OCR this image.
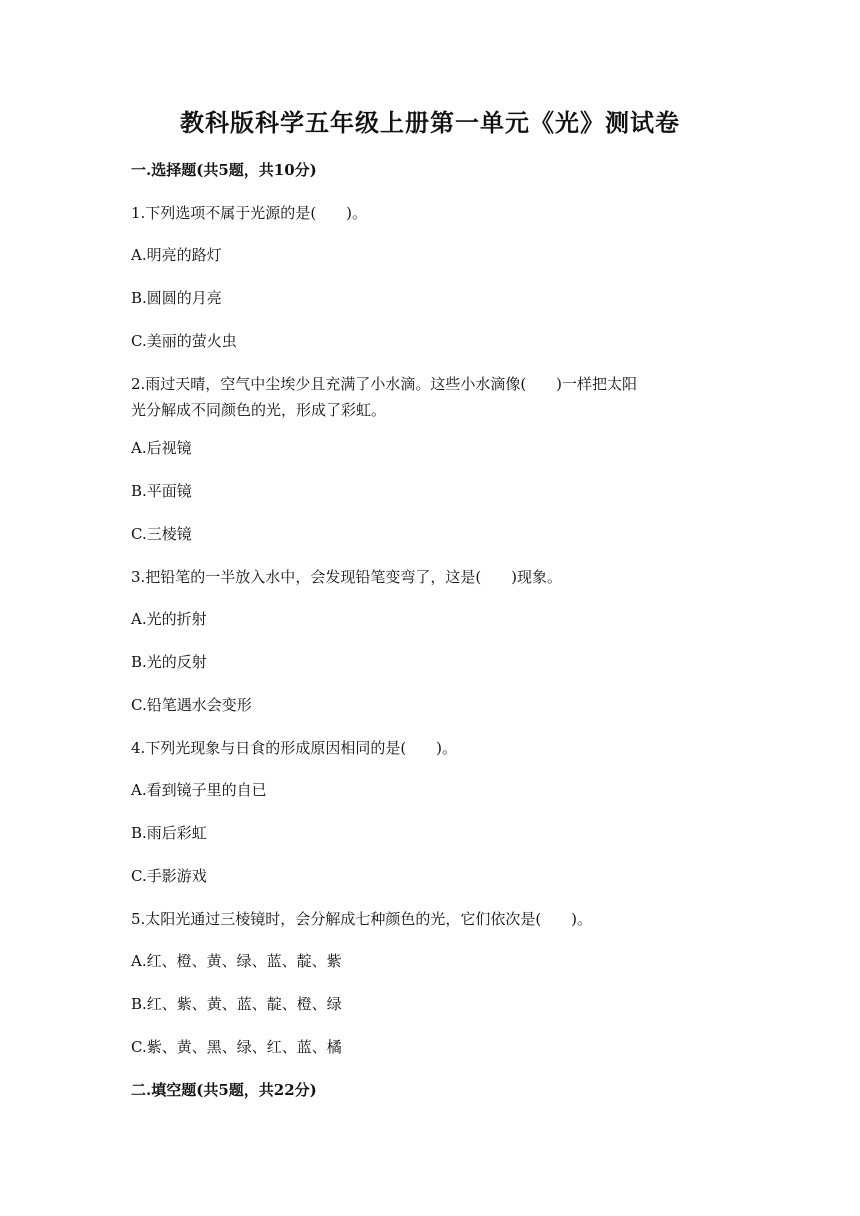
教科版科学五年级上册第一单元《光》测试卷
一.选择题(共5题，共10分)
1.下列选项不属于光源的是(　　)。
A.明亮的路灯
B.圆圆的月亮
C.美丽的萤火虫
2.雨过天晴，空气中尘埃少且充满了小水滴。这些小水滴像(　　)一样把太阳
光分解成不同颜色的光，形成了彩虹。
A.后视镜
B.平面镜
C.三棱镜
3.把铅笔的一半放入水中，会发现铅笔变弯了，这是(　　)现象。
A.光的折射
B.光的反射
C.铅笔遇水会变形
4.下列光现象与日食的形成原因相同的是(　　)。
A.看到镜子里的自已
B.雨后彩虹
C.手影游戏
5.太阳光通过三棱镜时，会分解成七种颜色的光，它们依次是(　　)。
A.红、橙、黄、绿、蓝、靛、紫
B.红、紫、黄、蓝、靛、橙、绿
C.紫、黄、黑、绿、红、蓝、橘
二.填空题(共5题，共22分)
